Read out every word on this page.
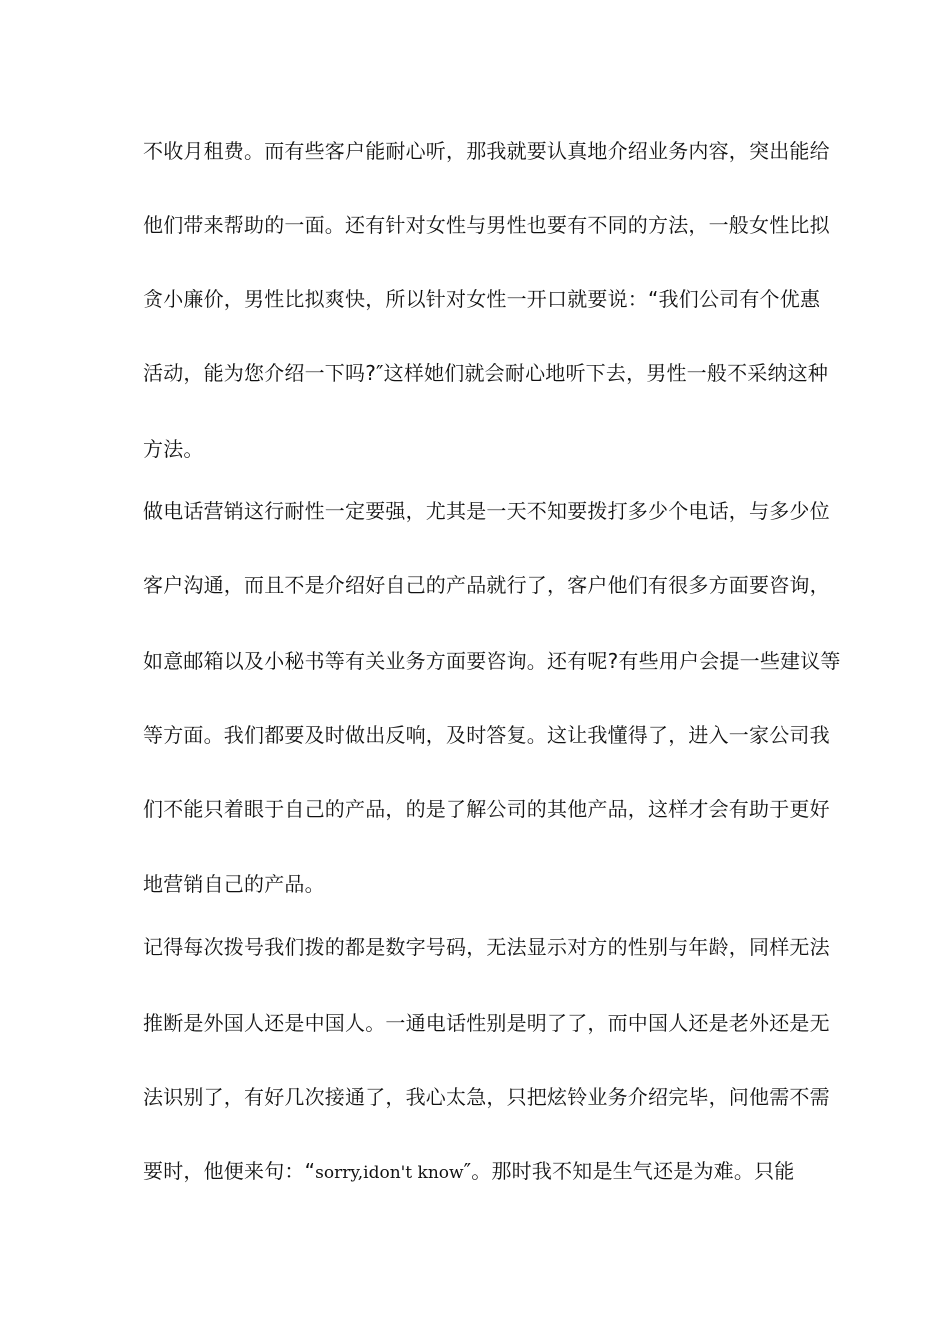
不收月租费。而有些客户能耐心听，那我就要认真地介绍业务内容，突出能给
他们带来帮助的一面。还有针对女性与男性也要有不同的方法，一般女性比拟
贪小廉价，男性比拟爽快，所以针对女性一开口就要说：“我们公司有个优惠
活动，能为您介绍一下吗?″这样她们就会耐心地听下去，男性一般不采纳这种
方法。
做电话营销这行耐性一定要强，尤其是一天不知要拨打多少个电话，与多少位
客户沟通，而且不是介绍好自己的产品就行了，客户他们有很多方面要咨询，
如意邮箱以及小秘书等有关业务方面要咨询。还有呢?有些用户会提一些建议等
等方面。我们都要及时做出反响，及时答复。这让我懂得了，进入一家公司我
们不能只着眼于自己的产品，的是了解公司的其他产品，这样才会有助于更好
地营销自己的产品。
记得每次拨号我们拨的都是数字号码，无法显示对方的性别与年龄，同样无法
推断是外国人还是中国人。一通电话性别是明了了，而中国人还是老外还是无
法识别了，有好几次接通了，我心太急，只把炫铃业务介绍完毕，问他需不需
要时，他便来句：“sorry,idon't know″。那时我不知是生气还是为难。只能
